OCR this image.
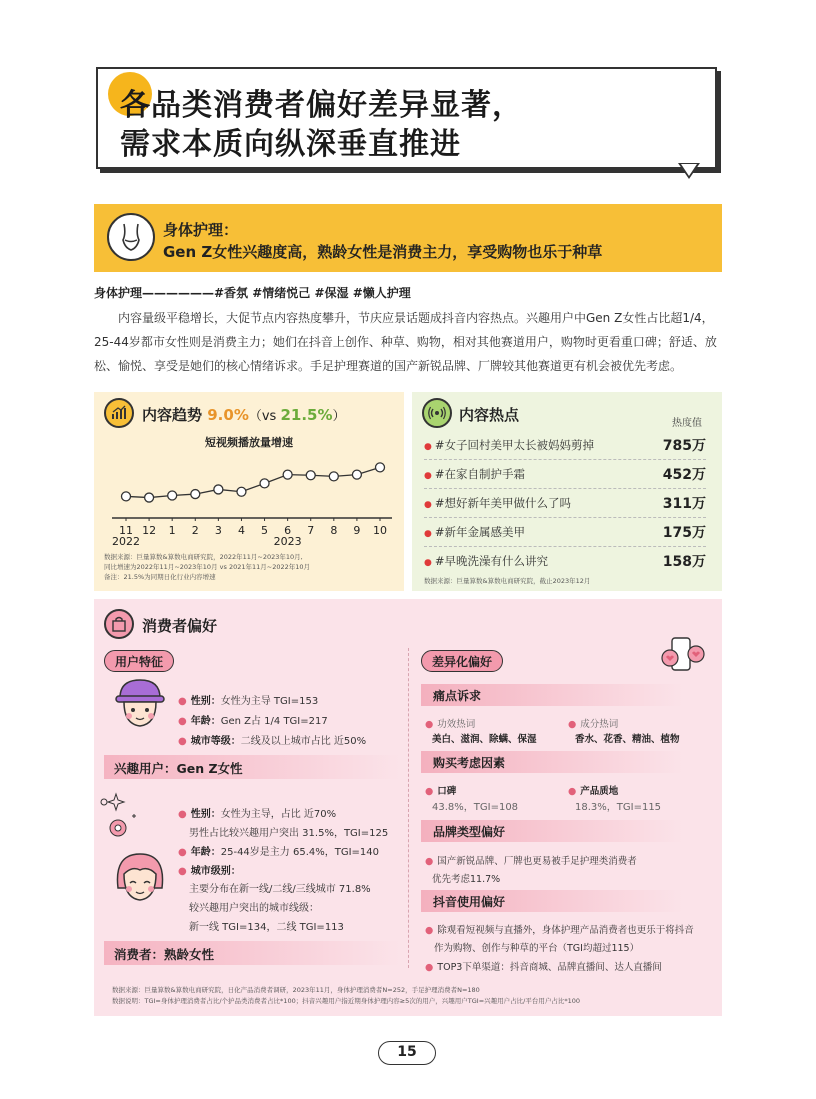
各品类消费者偏好差异显著，
需求本质向纵深垂直推进
身体护理：
Gen Z女性兴趣度高，熟龄女性是消费主力，享受购物也乐于种草
身体护理——————#香氛 #情绪悦己 #保湿 #懒人护理
内容量级平稳增长，大促节点内容热度攀升，节庆应景话题成抖音内容热点。兴趣用户中Gen Z女性占比超1/4，25-44岁都市女性则是消费主力；她们在抖音上创作、种草、购物，相对其他赛道用户，购物时更看重口碑；舒适、放松、愉悦、享受是她们的核心情绪诉求。手足护理赛道的国产新锐品牌、厂牌较其他赛道更有机会被优先考虑。
内容趋势 9.0%（vs 21.5%）
短视频播放量增速
11 12 1 2 3 4 5 6 7 8 9 10
2022	2023
数据来源：巨量算数&算数电商研究院，2022年11月~2023年10月,
同比增速为2022年11月~2023年10月 vs 2021年11月~2022年10月
备注：21.5%为同期日化行业内容增速
内容热点	热度值
● #女子回村美甲太长被妈妈剪掉	785万
● #在家自制护手霜	452万
● #想好新年美甲做什么了吗	311万
● #新年金属感美甲	175万
● #早晚洗澡有什么讲究	158万
数据来源：巨量算数&算数电商研究院，截止2023年12月
消费者偏好
用户特征	差异化偏好
● 性别：女性为主导 TGI=153
● 年龄：Gen Z占 1/4 TGI=217
● 城市等级：二线及以上城市占比 近50%
兴趣用户：Gen Z女性
● 性别：女性为主导，占比 近70%
男性占比较兴趣用户突出 31.5%，TGI=125
● 年龄：25-44岁是主力 65.4%，TGI=140
● 城市级别：
主要分布在新一线/二线/三线城市 71.8%
较兴趣用户突出的城市线级：
新一线 TGI=134，二线 TGI=113
消费者：熟龄女性
痛点诉求
● 功效热词
美白、滋润、除螨、保湿
● 成分热词
香水、花香、精油、植物
购买考虑因素
● 口碑
43.8%，TGI=108
● 产品质地
18.3%，TGI=115
品牌类型偏好
● 国产新锐品牌、厂牌也更易被手足护理类消费者
优先考虑11.7%
抖音使用偏好
● 除观看短视频与直播外，身体护理产品消费者也更乐于将抖音
作为购物、创作与种草的平台（TGI均超过115）
● TOP3下单渠道：抖音商城、品牌直播间、达人直播间
数据来源：巨量算数&算数电商研究院，日化产品消费者调研，2023年11月，身体护理消费者N=252，手足护理消费者N=180
数据说明：TGI=身体护理消费者占比/个护品类消费者占比*100；抖音兴趣用户指近期身体护理内容≥5次的用户，兴趣用户TGI=兴趣用户占比/平台用户占比*100
15
